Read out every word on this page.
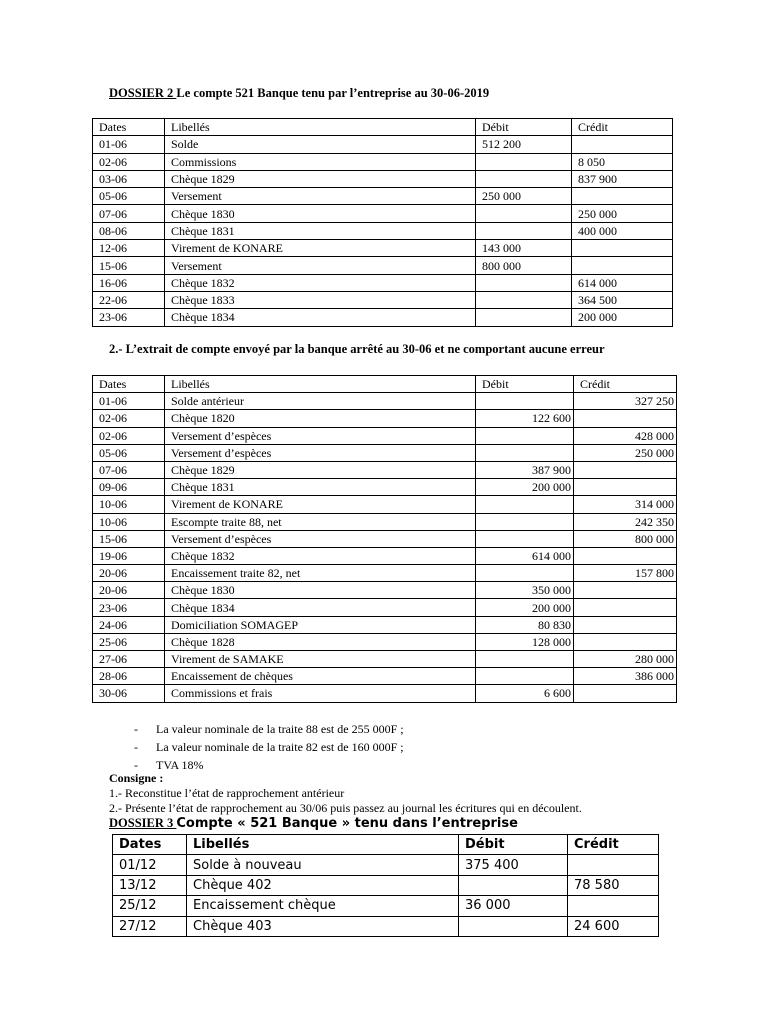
DOSSIER 2 Le compte 521 Banque tenu par l’entreprise au 30-06-2019
Dates	Libellés	Débit	Crédit
01-06	Solde	512 200	
02-06	Commissions		8 050
03-06	Chèque 1829		837 900
05-06	Versement	250 000	
07-06	Chèque 1830		250 000
08-06	Chèque 1831		400 000
12-06	Virement de KONARE	143 000	
15-06	Versement	800 000	
16-06	Chèque 1832		614 000
22-06	Chèque 1833		364 500
23-06	Chèque 1834		200 000
2.- L’extrait de compte envoyé par la banque arrêté au 30-06 et ne comportant aucune erreur
Dates	Libellés	Débit	Crédit
01-06	Solde antérieur		327 250
02-06	Chèque 1820	122 600	
02-06	Versement d’espèces		428 000
05-06	Versement d’espèces		250 000
07-06	Chèque 1829	387 900	
09-06	Chèque 1831	200 000	
10-06	Virement de KONARE		314 000
10-06	Escompte traite 88, net		242 350
15-06	Versement d’espèces		800 000
19-06	Chèque 1832	614 000	
20-06	Encaissement traite 82, net		157 800
20-06	Chèque 1830	350 000	
23-06	Chèque 1834	200 000	
24-06	Domiciliation SOMAGEP	80 830	
25-06	Chèque 1828	128 000	
27-06	Virement de SAMAKE		280 000
28-06	Encaissement de chèques		386 000
30-06	Commissions et frais	6 600	
- La valeur nominale de la traite 88 est de 255 000F ;
- La valeur nominale de la traite 82 est de 160 000F ;
- TVA 18%
Consigne :
1.- Reconstitue l’état de rapprochement antérieur
2.- Présente l’état de rapprochement au 30/06 puis passez au journal les écritures qui en découlent.
DOSSIER 3 Compte « 521 Banque » tenu dans l’entreprise
Dates	Libellés	Débit	Crédit
01/12	Solde à nouveau	375 400	
13/12	Chèque 402		78 580
25/12	Encaissement chèque	36 000	
27/12	Chèque 403		24 600
